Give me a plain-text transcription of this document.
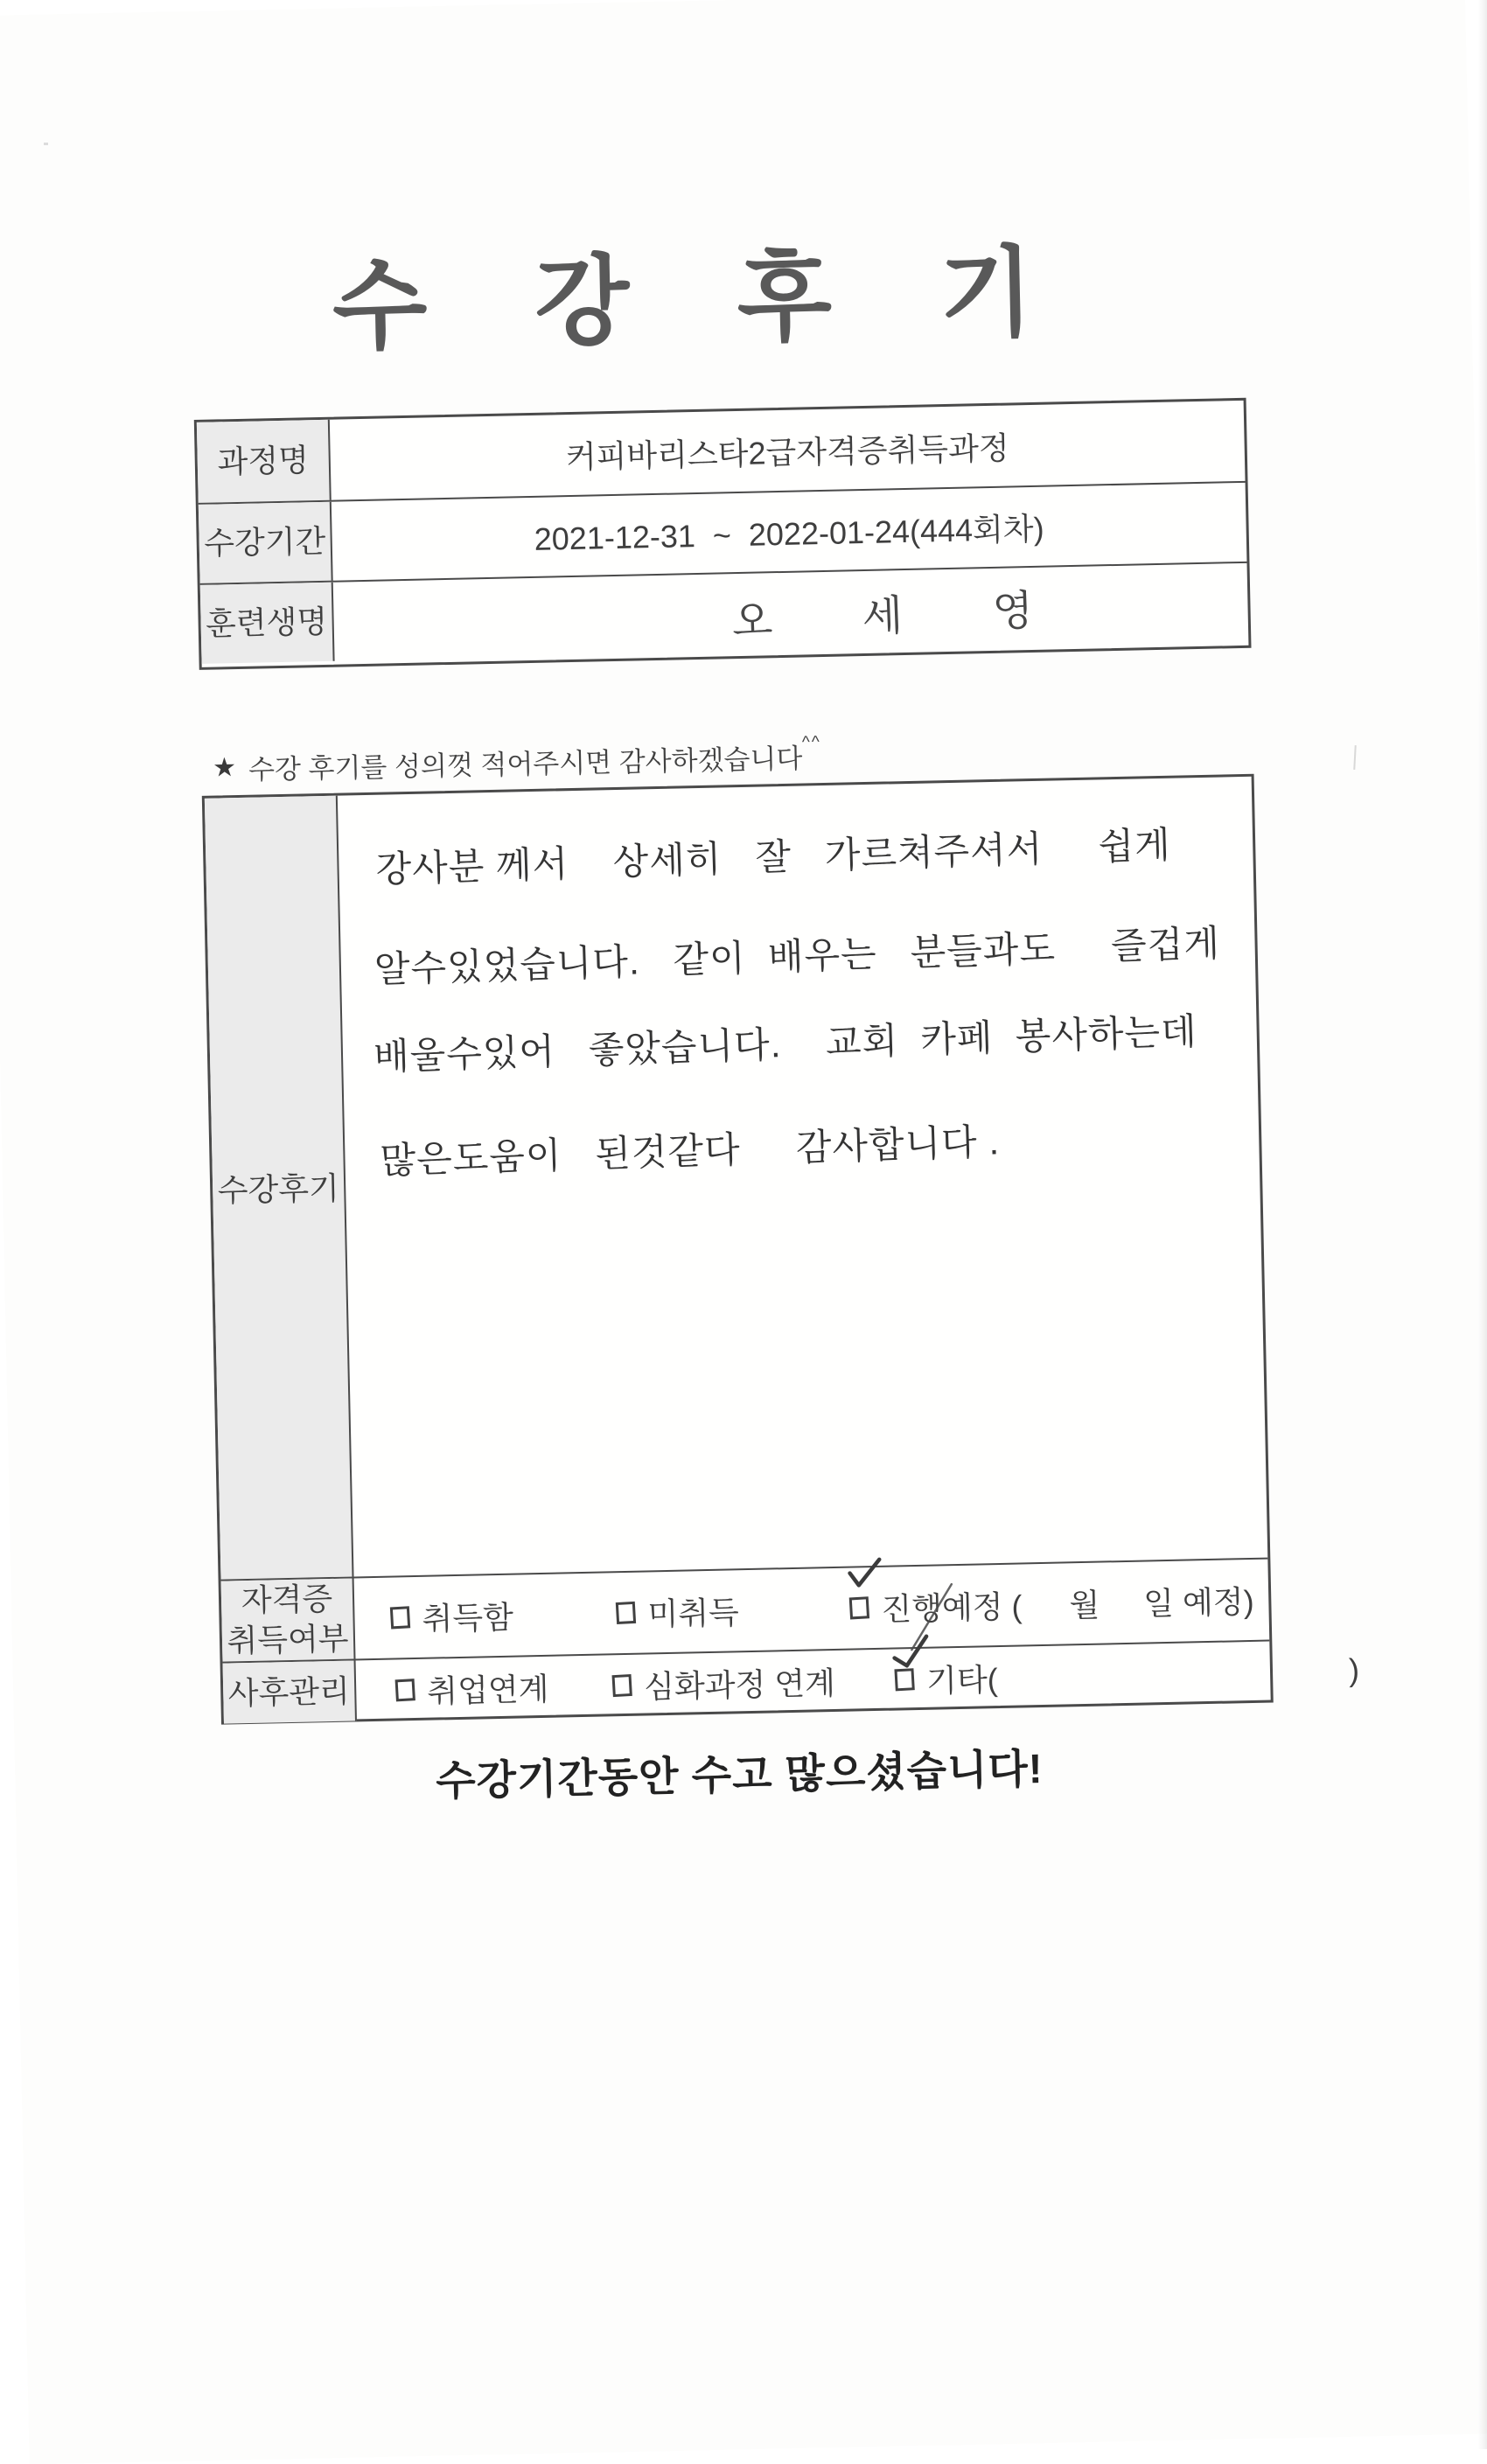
수 강 후 기
과정명	커피바리스타2급자격증취득과정
수강기간	2021-12-31  ~  2022-01-24(444회차)
훈련생명	오     세     영
★ 수강 후기를 성의껏 적어주시면 감사하겠습니다^^
수강후기
강사분 께서    상세히   잘   가르쳐주셔서     쉽게
알수있었습니다.   같이  배우는   분들과도     즐겁게
배울수있어   좋았습니다.    교회  카페  봉사하는데
많은도움이   된것같다     감사합니다 .
자격증
취득여부
취득함	미취득	진행예정 ( 월 일 예정)
사후관리 취업연계	심화과정 연계	기타(	)
수강기간동안 수고 많으셨습니다!
